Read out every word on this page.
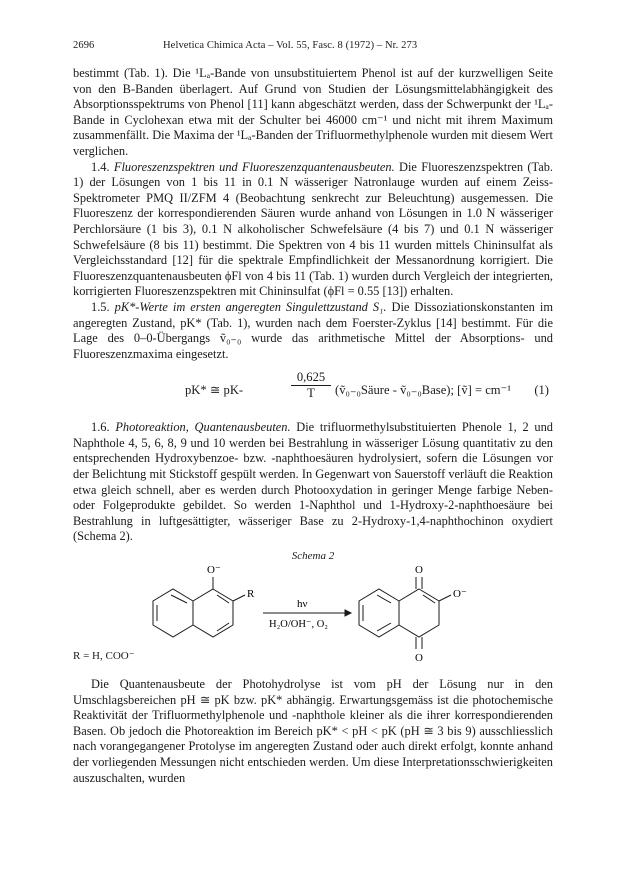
2696	Helvetica Chimica Acta – Vol. 55, Fasc. 8 (1972) – Nr. 273

bestimmt (Tab. 1). Die ¹Lₐ-Bande von unsubstituiertem Phenol ist auf der kurzwelligen Seite von den B-Banden überlagert. Auf Grund von Studien der Lösungsmittelabhängigkeit des Absorptionsspektrums von Phenol [11] kann abgeschätzt werden, dass der Schwerpunkt der ¹Lₐ-Bande in Cyclohexan etwa mit der Schulter bei 46000 cm⁻¹ und nicht mit ihrem Maximum zusammenfällt. Die Maxima der ¹Lₐ-Banden der Trifluormethylphenole wurden mit diesem Wert verglichen.

1.4. Fluoreszenzspektren und Fluoreszenzquantenausbeuten. Die Fluoreszenzspektren (Tab. 1) der Lösungen von 1 bis 11 in 0.1 N wässeriger Natronlauge wurden auf einem Zeiss-Spektrometer PMQ II/ZFM 4 (Beobachtung senkrecht zur Beleuchtung) ausgemessen. Die Fluoreszenz der korrespondierenden Säuren wurde anhand von Lösungen in 1.0 N wässeriger Perchlorsäure (1 bis 3), 0.1 N alkoholischer Schwefelsäure (4 bis 7) und 0.1 N wässeriger Schwefelsäure (8 bis 11) bestimmt. Die Spektren von 4 bis 11 wurden mittels Chininsulfat als Vergleichsstandard [12] für die spektrale Empfindlichkeit der Messanordnung korrigiert. Die Fluoreszenzquantenausbeuten ϕFl von 4 bis 11 (Tab. 1) wurden durch Vergleich der integrierten, korrigierten Fluoreszenzspektren mit Chininsulfat (ϕFl = 0.55 [13]) erhalten.

1.5. pK*-Werte im ersten angeregten Singulettzustand S₁. Die Dissoziationskonstanten im angeregten Zustand, pK* (Tab. 1), wurden nach dem Foerster-Zyklus [14] bestimmt. Für die Lage des 0–0-Übergangs ṽ₀₋₀ wurde das arithmetische Mittel der Absorptions- und Fluoreszenzmaxima eingesetzt.

pK* ≅ pK-	$\frac{0,625}{T}$ (ṽ₀₋₀Säure - ṽ₀₋₀Base); [ṽ] = cm⁻¹ (1)

1.6. Photoreaktion, Quantenausbeuten. Die trifluormethylsubstituierten Phenole 1, 2 und Naphthole 4, 5, 6, 8, 9 und 10 werden bei Bestrahlung in wässeriger Lösung quantitativ zu den entsprechenden Hydroxybenzoe- bzw. -naphthoesäuren hydrolysiert, sofern die Lösungen vor der Belichtung mit Stickstoff gespült werden. In Gegenwart von Sauerstoff verläuft die Reaktion etwa gleich schnell, aber es werden durch Photooxydation in geringer Menge farbige Neben- oder Folgeprodukte gebildet. So werden 1-Naphthol und 1-Hydroxy-2-naphthoesäure bei Bestrahlung in luftgesättigter, wässeriger Base zu 2-Hydroxy-1,4-naphthochinon oxydiert (Schema 2).

Schema 2
O⁻
R
hν
H₂O/OH⁻, O₂
O
O
O⁻
R = H, COO⁻

Die Quantenausbeute der Photohydrolyse ist vom pH der Lösung nur in den Umschlagsbereichen pH ≅ pK bzw. pK* abhängig. Erwartungsgemäss ist die photochemische Reaktivität der Trifluormethylphenole und -naphthole kleiner als die ihrer korrespondierenden Basen. Ob jedoch die Photoreaktion im Bereich pK* < pH < pK (pH ≅ 3 bis 9) ausschliesslich nach vorangegangener Protolyse im angeregten Zustand oder auch direkt erfolgt, konnte anhand der vorliegenden Messungen nicht entschieden werden. Um diese Interpretationsschwierigkeiten auszuschalten, wurden
